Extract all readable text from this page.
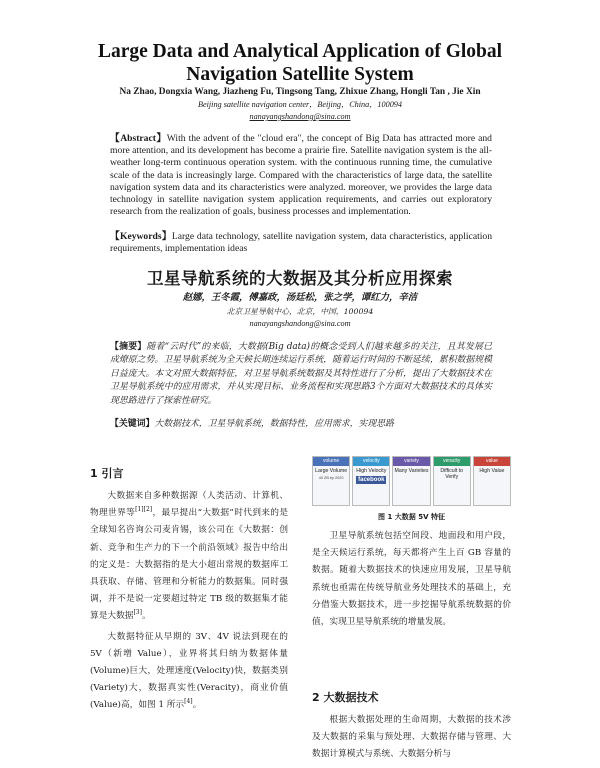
Large Data and Analytical Application of Global Navigation Satellite System
Na Zhao, Dongxia Wang, Jiazheng Fu, Tingsong Tang, Zhixue Zhang, Hongli Tan , Jie Xin
Beijing satellite navigation center，Beijing，China，100094
nanayangshandong@sina.com
【Abstract】With the advent of the "cloud era", the concept of Big Data has attracted more and more attention, and its development has become a prairie fire. Satellite navigation system is the all-weather long-term continuous operation system. with the continuous running time, the cumulative scale of the data is increasingly large. Compared with the characteristics of large data, the satellite navigation system data and its characteristics were analyzed. moreover, we provides the large data technology in satellite navigation system application requirements, and carries out exploratory research from the realization of goals, business processes and implementation.
【Keywords】Large data technology, satellite navigation system, data characteristics, application requirements, implementation ideas
卫星导航系统的大数据及其分析应用探索
赵娜，王冬霞，傅嘉政，汤廷松，张之学，谭红力，辛洁
北京卫星导航中心，北京，中国，100094
nanayangshandong@sina.com
【摘要】随着“云时代”的来临，大数据(Big data)的概念受到人们越来越多的关注，且其发展已成燎原之势。卫星导航系统为全天候长期连续运行系统，随着运行时间的不断延续，累积数据规模日益庞大。本文对照大数据特征，对卫星导航系统数据及其特性进行了分析，提出了大数据技术在卫星导航系统中的应用需求，并从实现目标、业务流程和实现思路3个方面对大数据技术的具体实现思路进行了探索性研究。
【关键词】大数据技术，卫星导航系统，数据特性，应用需求，实现思路
1 引言

大数据来自多种数据源（人类活动、计算机、物理世界等[1][2]，最早提出“大数据”时代到来的是全球知名咨询公司麦肯锡，该公司在《大数据：创新、竞争和生产力的下一个前沿领域》报告中给出的定义是：大数据指的是大小超出常规的数据库工具获取、存储、管理和分析能力的数据集。同时强调，并不是说一定要超过特定 TB 级的数据集才能算是大数据[3]。

大数据特征从早期的 3V、4V 说法到现在的 5V（新增 Value），业界将其归纳为数据体量(Volume)巨大，处理速度(Velocity)快，数据类别(Variety)大，数据真实性(Veracity)，商业价值(Value)高，如图 1 所示[4]。

volume
Large Volume
40 ZB by 2020
velocity
High Velocity
facebook
variety
Many Varieties
veracity
Difficult to Verify
value
High Value
图 1 大数据 5V 特征

卫星导航系统包括空间段、地面段和用户段，是全天候运行系统，每天都将产生上百 GB 容量的数据。随着大数据技术的快速应用发展，卫星导航系统也亟需在传统导航业务处理技术的基础上，充分借鉴大数据技术，进一步挖掘导航系统数据的价值，实现卫星导航系统的增量发展。

2 大数据技术

根据大数据处理的生命周期，大数据的技术涉及大数据的采集与预处理、大数据存储与管理、大数据计算模式与系统、大数据分析与
